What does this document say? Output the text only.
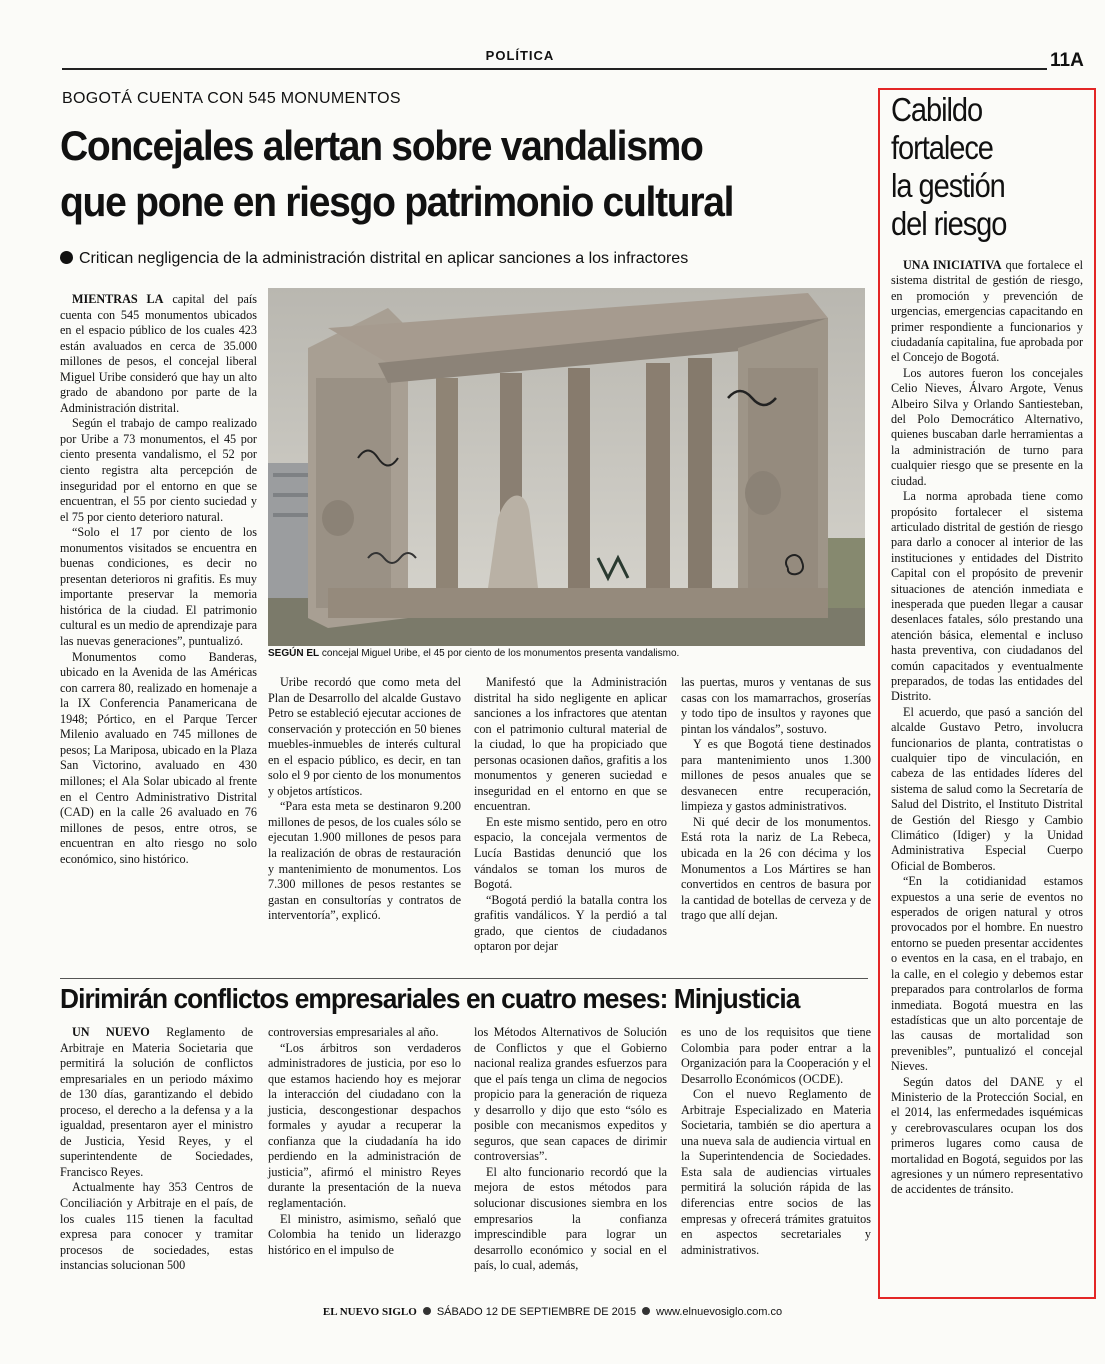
POLÍTICA	11A
BOGOTÁ CUENTA CON 545 MONUMENTOS
Concejales alertan sobre vandalismo
que pone en riesgo patrimonio cultural
Critican negligencia de la administración distrital en aplicar sanciones a los infractores

MIENTRAS LA capital del país cuenta con 545 monumentos ubicados en el espacio público de los cuales 423 están avaluados en cerca de 35.000 millones de pesos, el concejal liberal Miguel Uribe consideró que hay un alto grado de abandono por parte de la Administración distrital.

Según el trabajo de campo realizado por Uribe a 73 monumentos, el 45 por ciento presenta vandalismo, el 52 por ciento registra alta percepción de inseguridad por el entorno en que se encuentran, el 55 por ciento suciedad y el 75 por ciento deterioro natural.

“Solo el 17 por ciento de los monumentos visitados se encuentra en buenas condiciones, es decir no presentan deterioros ni grafitis. Es muy importante preservar la memoria histórica de la ciudad. El patrimonio cultural es un medio de aprendizaje para las nuevas generaciones”, puntualizó.

Monumentos como Banderas, ubicado en la Avenida de las Américas con carrera 80, realizado en homenaje a la IX Conferencia Panamericana de 1948; Pórtico, en el Parque Tercer Milenio avaluado en 745 millones de pesos; La Mariposa, ubicado en la Plaza San Victorino, avaluado en 430 millones; el Ala Solar ubicado al frente en el Centro Administrativo Distrital (CAD) en la calle 26 avaluado en 76 millones de pesos, entre otros, se encuentran en alto riesgo no solo económico, sino histórico.

SEGÚN EL concejal Miguel Uribe, el 45 por ciento de los monumentos presenta vandalismo.

Uribe recordó que como meta del Plan de Desarrollo del alcalde Gustavo Petro se estableció ejecutar acciones de conservación y protección en 50 bienes muebles-inmuebles de interés cultural en el espacio público, es decir, en tan solo el 9 por ciento de los monumentos y objetos artísticos.

“Para esta meta se destinaron 9.200 millones de pesos, de los cuales sólo se ejecutan 1.900 millones de pesos para la realización de obras de restauración y mantenimiento de monumentos. Los 7.300 millones de pesos restantes se gastan en consultorías y contratos de interventoría”, explicó.

Manifestó que la Administración distrital ha sido negligente en aplicar sanciones a los infractores que atentan con el patrimonio cultural material de la ciudad, lo que ha propiciado que personas ocasionen daños, grafitis a los monumentos y generen suciedad e inseguridad en el entorno en que se encuentran.

En este mismo sentido, pero en otro espacio, la concejala vermentos de Lucía Bastidas denunció que los vándalos se toman los muros de Bogotá.

“Bogotá perdió la batalla contra los grafitis vandálicos. Y la perdió a tal grado, que cientos de ciudadanos optaron por dejar

las puertas, muros y ventanas de sus casas con los mamarrachos, groserías y todo tipo de insultos y rayones que pintan los vándalos”, sostuvo.

Y es que Bogotá tiene destinados para mantenimiento unos 1.300 millones de pesos anuales que se desvanecen entre recuperación, limpieza y gastos administrativos.

Ni qué decir de los monumentos. Está rota la nariz de La Rebeca, ubicada en la 26 con décima y los Monumentos a Los Mártires se han convertidos en centros de basura por la cantidad de botellas de cerveza y de trago que allí dejan.

Dirimirán conflictos empresariales en cuatro meses: Minjusticia

UN NUEVO Reglamento de Arbitraje en Materia Societaria que permitirá la solución de conflictos empresariales en un periodo máximo de 130 días, garantizando el debido proceso, el derecho a la defensa y a la igualdad, presentaron ayer el ministro de Justicia, Yesid Reyes, y el superintendente de Sociedades, Francisco Reyes.

Actualmente hay 353 Centros de Conciliación y Arbitraje en el país, de los cuales 115 tienen la facultad expresa para conocer y tramitar procesos de sociedades, estas instancias solucionan 500

controversias empresariales al año.

“Los árbitros son verdaderos administradores de justicia, por eso lo que estamos haciendo hoy es mejorar la interacción del ciudadano con la justicia, descongestionar despachos formales y ayudar a recuperar la confianza que la ciudadanía ha ido perdiendo en la administración de justicia”, afirmó el ministro Reyes durante la presentación de la nueva reglamentación.

El ministro, asimismo, señaló que Colombia ha tenido un liderazgo histórico en el impulso de

los Métodos Alternativos de Solución de Conflictos y que el Gobierno nacional realiza grandes esfuerzos para que el país tenga un clima de negocios propicio para la generación de riqueza y desarrollo y dijo que esto “sólo es posible con mecanismos expeditos y seguros, que sean capaces de dirimir controversias”.

El alto funcionario recordó que la mejora de estos métodos para solucionar discusiones siembra en los empresarios la confianza imprescindible para lograr un desarrollo económico y social en el país, lo cual, además,

es uno de los requisitos que tiene Colombia para poder entrar a la Organización para la Cooperación y el Desarrollo Económicos (OCDE).

Con el nuevo Reglamento de Arbitraje Especializado en Materia Societaria, también se dio apertura a una nueva sala de audiencia virtual en la Superintendencia de Sociedades. Esta sala de audiencias virtuales permitirá la solución rápida de las diferencias entre socios de las empresas y ofrecerá trámites gratuitos en aspectos secretariales y administrativos.

Cabildo
fortalece
la gestión
del riesgo

UNA INICIATIVA que fortalece el sistema distrital de gestión de riesgo, en promoción y prevención de urgencias, emergencias capacitando en primer respondiente a funcionarios y ciudadanía capitalina, fue aprobada por el Concejo de Bogotá.

Los autores fueron los concejales Celio Nieves, Álvaro Argote, Venus Albeiro Silva y Orlando Santiesteban, del Polo Democrático Alternativo, quienes buscaban darle herramientas a la administración de turno para cualquier riesgo que se presente en la ciudad.

La norma aprobada tiene como propósito fortalecer el sistema articulado distrital de gestión de riesgo para darlo a conocer al interior de las instituciones y entidades del Distrito Capital con el propósito de prevenir situaciones de atención inmediata e inesperada que pueden llegar a causar desenlaces fatales, sólo prestando una atención básica, elemental e incluso hasta preventiva, con ciudadanos del común capacitados y eventualmente preparados, de todas las entidades del Distrito.

El acuerdo, que pasó a sanción del alcalde Gustavo Petro, involucra funcionarios de planta, contratistas o cualquier tipo de vinculación, en cabeza de las entidades líderes del sistema de salud como la Secretaría de Salud del Distrito, el Instituto Distrital de Gestión del Riesgo y Cambio Climático (Idiger) y la Unidad Administrativa Especial Cuerpo Oficial de Bomberos.

“En la cotidianidad estamos expuestos a una serie de eventos no esperados de origen natural y otros provocados por el hombre. En nuestro entorno se pueden presentar accidentes o eventos en la casa, en el trabajo, en la calle, en el colegio y debemos estar preparados para controlarlos de forma inmediata. Bogotá muestra en las estadísticas que un alto porcentaje de las causas de mortalidad son prevenibles”, puntualizó el concejal Nieves.

Según datos del DANE y el Ministerio de la Protección Social, en el 2014, las enfermedades isquémicas y cerebrovasculares ocupan los dos primeros lugares como causa de mortalidad en Bogotá, seguidos por las agresiones y un número representativo de accidentes de tránsito.

EL NUEVO SIGLO SÁBADO 12 DE SEPTIEMBRE DE 2015 www.elnuevosiglo.com.co
